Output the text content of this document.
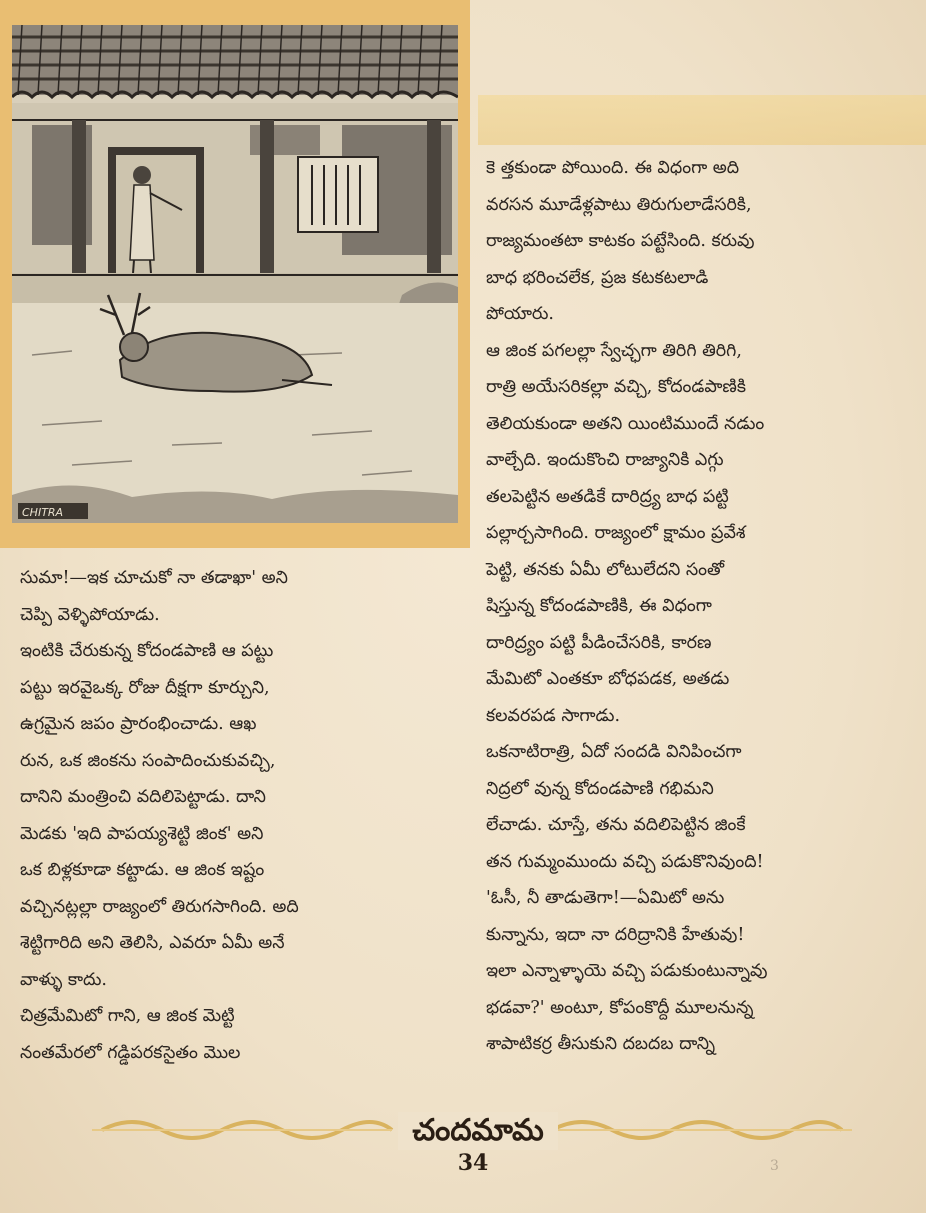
CHITRA

కె త్తకుండా పోయింది. ఈ విధంగా అది

వరసన మూడేళ్లపాటు తిరుగులాడేసరికి,

రాజ్యమంతటా కాటకం పట్టేసింది. కరువు

బాధ భరించలేక, ప్రజ కటకటలాడి

పోయారు.

ఆ జింక పగలల్లా స్వేచ్ఛగా తిరిగి తిరిగి,

రాత్రి అయేసరికల్లా వచ్చి, కోదండపాణికి

తెలియకుండా అతని యింటిముందే నడుం

వాల్చేది. ఇందుకొంచి రాజ్యానికి ఎగ్గు

తలపెట్టిన అతడికే దారిద్ర్య బాధ పట్టి

పల్లార్చసాగింది. రాజ్యంలో క్షామం ప్రవేశ

పెట్టి, తనకు ఏమీ లోటులేదని సంతో

షిస్తున్న కోదండపాణికి, ఈ విధంగా

దారిద్ర్యం పట్టి పీడించేసరికి, కారణ

మేమిటో ఎంతకూ బోధపడక, అతడు

కలవరపడ సాగాడు.

ఒకనాటిరాత్రి, ఏదో సందడి వినిపించగా

నిద్రలో వున్న కోదండపాణి గభిమని

లేచాడు. చూస్తే, తను వదిలిపెట్టిన జింకే

తన గుమ్మంముందు వచ్చి పడుకొనివుంది!

'ఓసీ, నీ తాడుతెగా!—ఏమిటో అను

కున్నాను, ఇదా నా దరిద్రానికి హేతువు!

ఇలా ఎన్నాళ్ళాయె వచ్చి పడుకుంటున్నావు

భడవా?' అంటూ, కోపంకొద్దీ మూలనున్న

శాపాటికర్ర తీసుకుని దబదబ దాన్ని

సుమా!—ఇక చూచుకో నా తడాఖా' అని

చెప్పి వెళ్ళిపోయాడు.

ఇంటికి చేరుకున్న కోదండపాణి ఆ పట్టు

పట్టు ఇరవైఒక్క రోజు దీక్షగా కూర్చుని,

ఉగ్రమైన జపం ప్రారంభించాడు. ఆఖ

రున, ఒక జింకను సంపాదించుకువచ్చి,

దానిని మంత్రించి వదిలిపెట్టాడు. దాని

మెడకు 'ఇది పాపయ్యశెట్టి జింక' అని

ఒక బిళ్లకూడా కట్టాడు. ఆ జింక ఇష్టం

వచ్చినట్లల్లా రాజ్యంలో తిరుగసాగింది. అది

శెట్టిగారిది అని తెలిసి, ఎవరూ ఏమీ అనే

వాళ్ళు కాదు.

చిత్రమేమిటో గాని, ఆ జింక మెట్టి

నంతమేరలో గడ్డిపరకసైతం మొల

చందమామ
34	3
